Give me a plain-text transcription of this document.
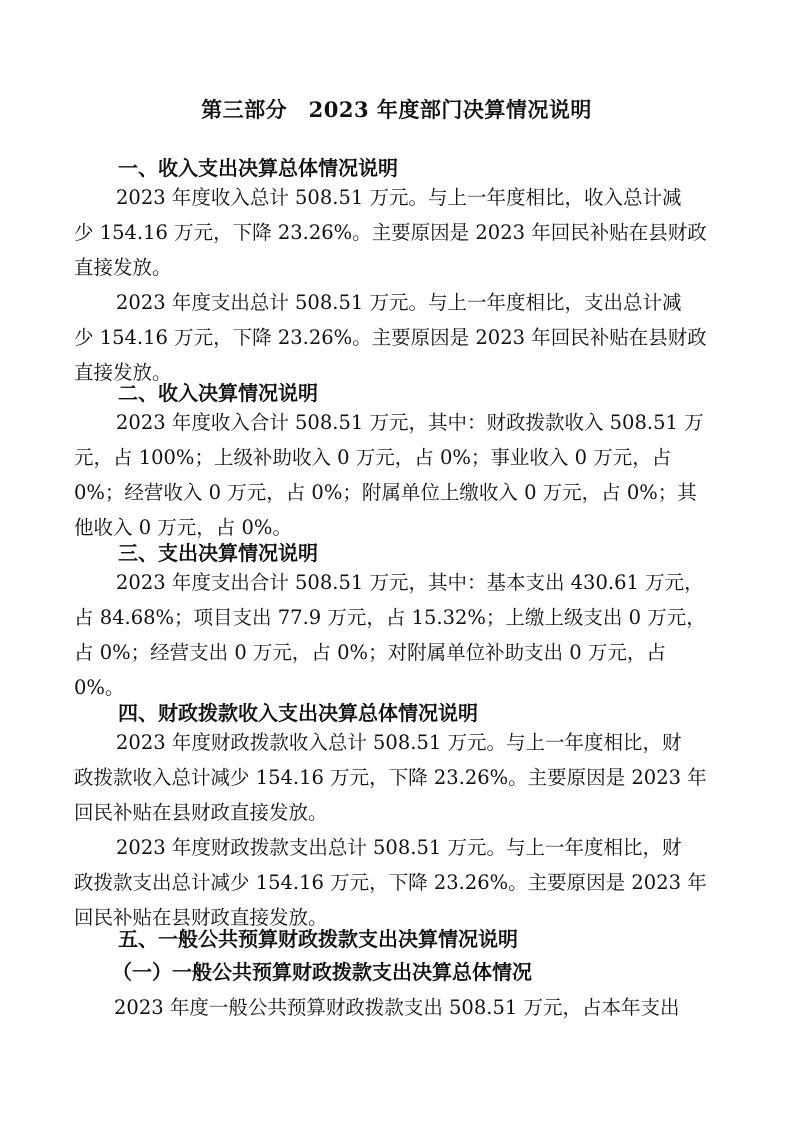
第三部分　2023 年度部门决算情况说明
一、收入支出决算总体情况说明
2023 年度收入总计 508.51 万元。与上一年度相比，收入总计减
少 154.16 万元，下降 23.26%。主要原因是 2023 年回民补贴在县财政
直接发放。
2023 年度支出总计 508.51 万元。与上一年度相比，支出总计减
少 154.16 万元，下降 23.26%。主要原因是 2023 年回民补贴在县财政
直接发放。
二、收入决算情况说明
2023 年度收入合计 508.51 万元，其中：财政拨款收入 508.51 万
元，占 100%；上级补助收入 0 万元，占 0%；事业收入 0 万元，占
0%；经营收入 0 万元，占 0%；附属单位上缴收入 0 万元，占 0%；其
他收入 0 万元，占 0%。
三、支出决算情况说明
2023 年度支出合计 508.51 万元，其中：基本支出 430.61 万元，
占 84.68%；项目支出 77.9 万元，占 15.32%；上缴上级支出 0 万元，
占 0%；经营支出 0 万元，占 0%；对附属单位补助支出 0 万元，占
0%。
四、财政拨款收入支出决算总体情况说明
2023 年度财政拨款收入总计 508.51 万元。与上一年度相比，财
政拨款收入总计减少 154.16 万元，下降 23.26%。主要原因是 2023 年
回民补贴在县财政直接发放。
2023 年度财政拨款支出总计 508.51 万元。与上一年度相比，财
政拨款支出总计减少 154.16 万元，下降 23.26%。主要原因是 2023 年
回民补贴在县财政直接发放。
五、一般公共预算财政拨款支出决算情况说明
（一）一般公共预算财政拨款支出决算总体情况
2023 年度一般公共预算财政拨款支出 508.51 万元，占本年支出
